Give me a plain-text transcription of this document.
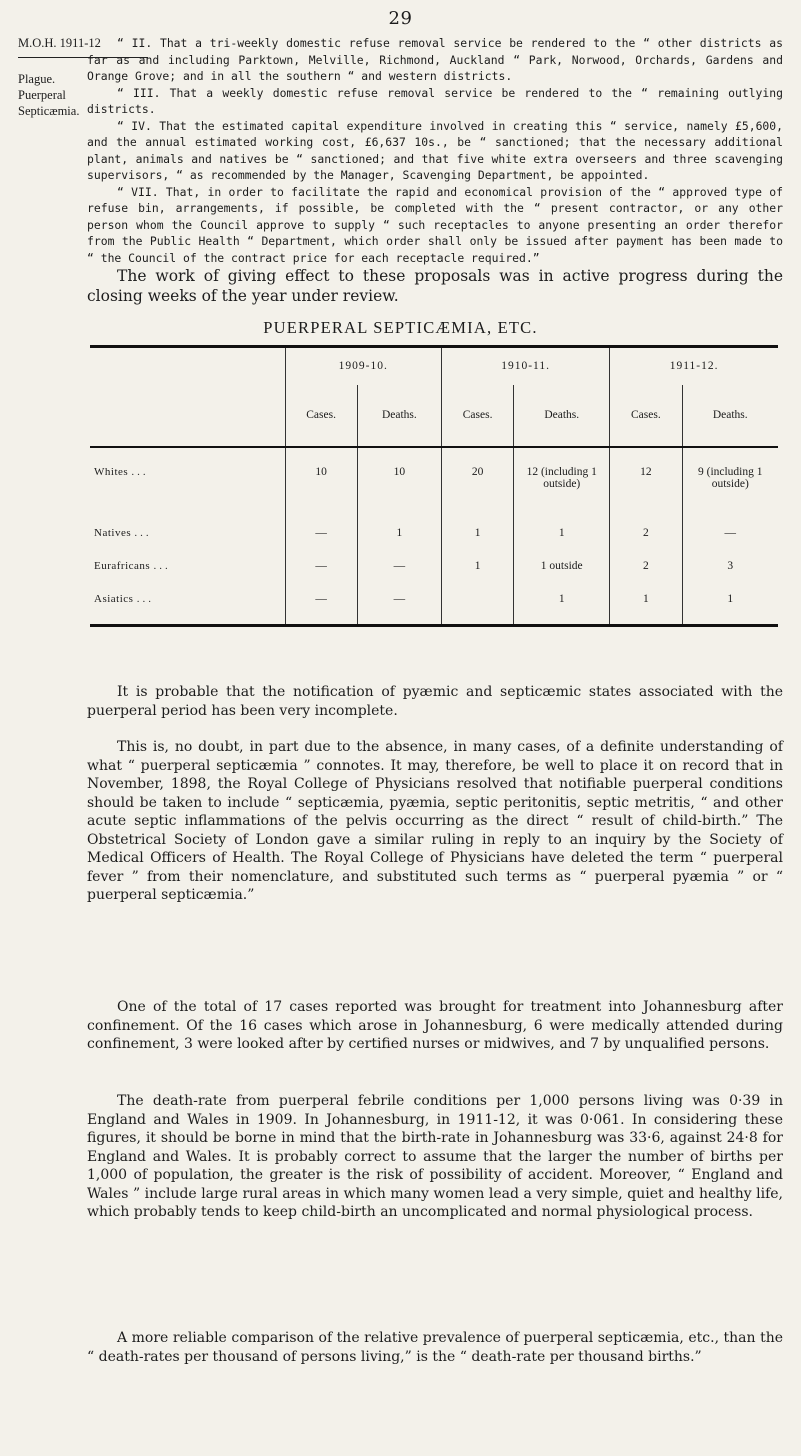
29
M.O.H. 1911-12
Plague.
Puerperal
Septicæmia.

“ II. That a tri-weekly domestic refuse removal service be rendered to the “ other districts as far as and including Parktown, Melville, Richmond, Auckland “ Park, Norwood, Orchards, Gardens and Orange Grove; and in all the southern “ and western districts.

“ III. That a weekly domestic refuse removal service be rendered to the “ remaining outlying districts.

“ IV. That the estimated capital expenditure involved in creating this “ service, namely £5,600, and the annual estimated working cost, £6,637 10s., be “ sanctioned; that the necessary additional plant, animals and natives be “ sanctioned; and that five white extra overseers and three scavenging supervisors, “ as recommended by the Manager, Scavenging Department, be appointed.

“ VII. That, in order to facilitate the rapid and economical provision of the “ approved type of refuse bin, arrangements, if possible, be completed with the “ present contractor, or any other person whom the Council approve to supply “ such receptacles to anyone presenting an order therefor from the Public Health “ Department, which order shall only be issued after payment has been made to “ the Council of the contract price for each receptacle required.”

The work of giving effect to these proposals was in active progress during the closing weeks of the year under review.

PUERPERAL SEPTICÆMIA, ETC.
	1909-10.		1910-11.		1911-12.	
	Cases.	Deaths.	Cases.	Deaths.	Cases.	Deaths.
Whites ...	10	10	20	12 (including 1 outside)	12	9 (including 1 outside)
Natives ...	—	1	1	1	2	—
Eurafricans ...	—	—	1	1 outside	2	3
Asiatics ...	—	—		1	1	1

It is probable that the notification of pyæmic and septicæmic states associated with the puerperal period has been very incomplete.

This is, no doubt, in part due to the absence, in many cases, of a definite understanding of what “ puerperal septicæmia ” connotes. It may, therefore, be well to place it on record that in November, 1898, the Royal College of Physicians resolved that notifiable puerperal conditions should be taken to include “ septicæmia, pyæmia, septic peritonitis, septic metritis, “ and other acute septic inflammations of the pelvis occurring as the direct “ result of child-birth.” The Obstetrical Society of London gave a similar ruling in reply to an inquiry by the Society of Medical Officers of Health. The Royal College of Physicians have deleted the term “ puerperal fever ” from their nomenclature, and substituted such terms as “ puerperal pyæmia ” or “ puerperal septicæmia.”

One of the total of 17 cases reported was brought for treatment into Johannesburg after confinement. Of the 16 cases which arose in Johannesburg, 6 were medically attended during confinement, 3 were looked after by certified nurses or midwives, and 7 by unqualified persons.

The death-rate from puerperal febrile conditions per 1,000 persons living was 0·39 in England and Wales in 1909. In Johannesburg, in 1911-12, it was 0·061. In considering these figures, it should be borne in mind that the birth-rate in Johannesburg was 33·6, against 24·8 for England and Wales. It is probably correct to assume that the larger the number of births per 1,000 of population, the greater is the risk of possibility of accident. Moreover, “ England and Wales ” include large rural areas in which many women lead a very simple, quiet and healthy life, which probably tends to keep child-birth an uncomplicated and normal physiological process.

A more reliable comparison of the relative prevalence of puerperal septicæmia, etc., than the “ death-rates per thousand of persons living,” is the “ death-rate per thousand births.”
